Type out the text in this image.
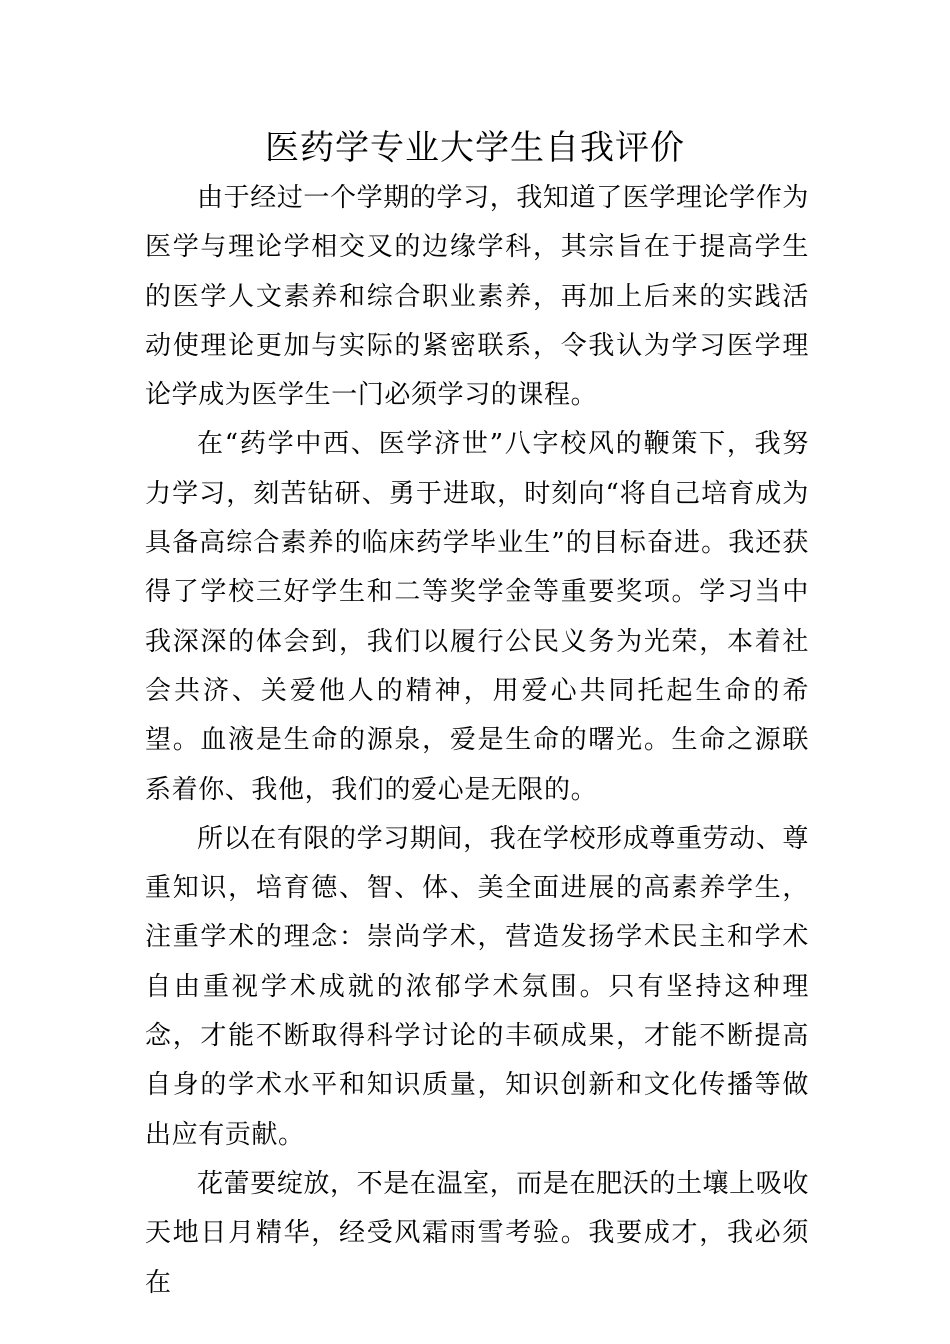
医药学专业大学生自我评价

由于经过一个学期的学习，我知道了医学理论学作为医学与理论学相交叉的边缘学科，其宗旨在于提高学生的医学人文素养和综合职业素养，再加上后来的实践活动使理论更加与实际的紧密联系，令我认为学习医学理论学成为医学生一门必须学习的课程。

在“药学中西、医学济世”八字校风的鞭策下，我努力学习，刻苦钻研、勇于进取，时刻向“将自己培育成为具备高综合素养的临床药学毕业生”的目标奋进。我还获得了学校三好学生和二等奖学金等重要奖项。学习当中我深深的体会到，我们以履行公民义务为光荣，本着社会共济、关爱他人的精神，用爱心共同托起生命的希望。血液是生命的源泉，爱是生命的曙光。生命之源联系着你、我他，我们的爱心是无限的。

所以在有限的学习期间，我在学校形成尊重劳动、尊重知识，培育德、智、体、美全面进展的高素养学生，注重学术的理念：崇尚学术，营造发扬学术民主和学术自由重视学术成就的浓郁学术氛围。只有坚持这种理念，才能不断取得科学讨论的丰硕成果，才能不断提高自身的学术水平和知识质量，知识创新和文化传播等做出应有贡献。

花蕾要绽放，不是在温室，而是在肥沃的土壤上吸收天地日月精华，经受风霜雨雪考验。我要成才，我必须在
